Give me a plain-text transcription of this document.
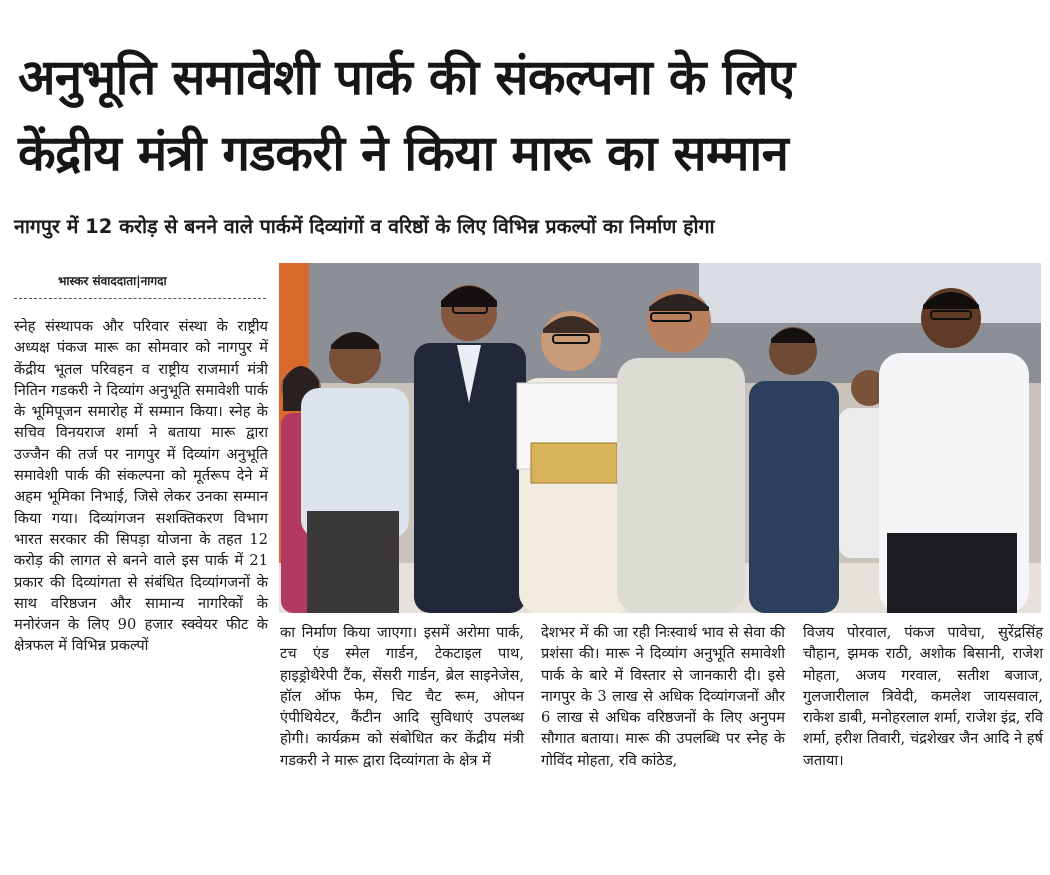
अनुभूति समावेशी पार्क की संकल्पना के लिए
केंद्रीय मंत्री गडकरी ने किया मारू का सम्मान
नागपुर में 12 करोड़ से बनने वाले पार्कमें दिव्यांगों व वरिष्ठों के लिए विभिन्न प्रकल्पों का निर्माण होगा
भास्कर संवाददाता|नागदा
स्नेह संस्थापक और परिवार संस्था के राष्ट्रीय अध्यक्ष पंकज मारू का सोमवार को नागपुर में केंद्रीय भूतल परिवहन व राष्ट्रीय राजमार्ग मंत्री नितिन गडकरी ने दिव्यांग अनुभूति समावेशी पार्क के भूमिपूजन समारोह में सम्मान किया। स्नेह के सचिव विनयराज शर्मा ने बताया मारू द्वारा उज्जैन की तर्ज पर नागपुर में दिव्यांग अनुभूति समावेशी पार्क की संकल्पना को मूर्तरूप देने में अहम भूमिका निभाई, जिसे लेकर उनका सम्मान किया गया। दिव्यांगजन सशक्तिकरण विभाग भारत सरकार की सिपड़ा योजना के तहत 12 करोड़ की लागत से बनने वाले इस पार्क में 21 प्रकार की दिव्यांगता से संबंधित दिव्यांगजनों के साथ वरिष्ठजन और सामान्य नागरिकों के मनोरंजन के लिए 90 हजार स्क्वेयर फीट के क्षेत्रफल में विभिन्न प्रकल्पों
का निर्माण किया जाएगा। इसमें अरोमा पार्क, टच एंड स्मेल गार्डन, टेकटाइल पाथ, हाइड्रोथैरेपी टैंक, सेंसरी गार्डन, ब्रेल साइनेजेस, हॉल ऑफ फेम, चिट चैट रूम, ओपन एंपीथियेटर, कैंटीन आदि सुविधाएं उपलब्ध होगी। कार्यक्रम को संबोधित कर केंद्रीय मंत्री गडकरी ने मारू द्वारा दिव्यांगता के क्षेत्र में
देशभर में की जा रही निःस्वार्थ भाव से सेवा की प्रशंसा की। मारू ने दिव्यांग अनुभूति समावेशी पार्क के बारे में विस्तार से जानकारी दी। इसे नागपुर के 3 लाख से अधिक दिव्यांगजनों और 6 लाख से अधिक वरिष्ठजनों के लिए अनुपम सौगात बताया। मारू की उपलब्धि पर स्नेह के गोविंद मोहता, रवि कांठेड,
विजय पोरवाल, पंकज पावेचा, सुरेंद्रसिंह चौहान, झमक राठी, अशोक बिसानी, राजेश मोहता, अजय गरवाल, सतीश बजाज, गुलजारीलाल त्रिवेदी, कमलेश जायसवाल, राकेश डाबी, मनोहरलाल शर्मा, राजेश इंद्र, रवि शर्मा, हरीश तिवारी, चंद्रशेखर जैन आदि ने हर्ष जताया।
